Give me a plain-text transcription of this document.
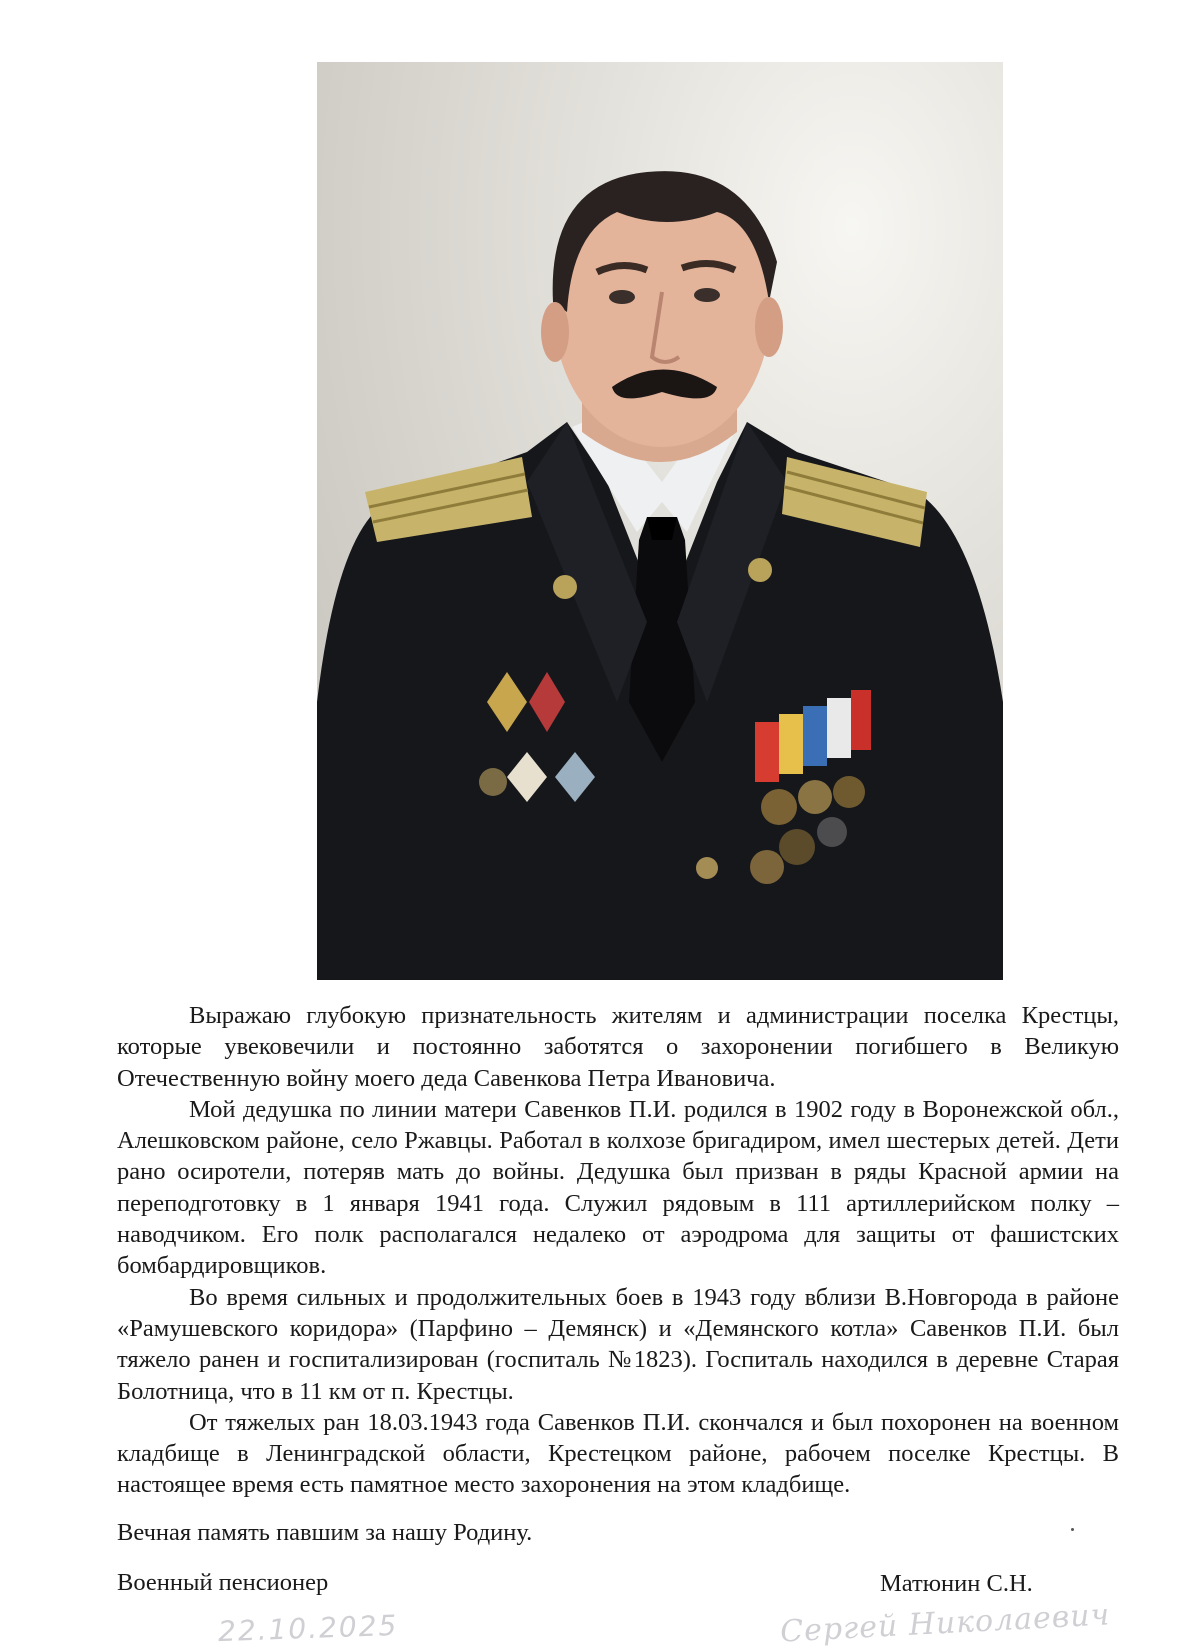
Выражаю глубокую признательность жителям и администрации поселка Крестцы, которые увековечили и постоянно заботятся о захоронении погибшего в Великую Отечественную войну моего деда Савенкова Петра Ивановича.

Мой дедушка по линии матери Савенков П.И. родился в 1902 году в Воронежской обл., Алешковском районе, село Ржавцы. Работал в колхозе бригадиром, имел шестерых детей. Дети рано осиротели, потеряв мать до войны. Дедушка был призван в ряды Красной армии на переподготовку в 1 января 1941 года. Служил рядовым в 111 артиллерийском полку – наводчиком. Его полк располагался недалеко от аэродрома для защиты от фашистских бомбардировщиков.

Во время сильных и продолжительных боев в 1943 году вблизи В.Новгорода в районе «Рамушевского коридора» (Парфино – Демянск) и «Демянского котла» Савенков П.И. был тяжело ранен и госпитализирован (госпиталь №1823). Госпиталь находился в деревне Старая Болотница, что в 11 км от п. Крестцы.

От тяжелых ран 18.03.1943 года Савенков П.И. скончался и был похоронен на военном кладбище в Ленинградской области, Крестецком районе, рабочем поселке Крестцы. В настоящее время есть памятное место захоронения на этом кладбище.

Вечная память павшим за нашу Родину.
Военный пенсионер	Матюнин С.Н.
22.10.2025	Сергей Николаевич
